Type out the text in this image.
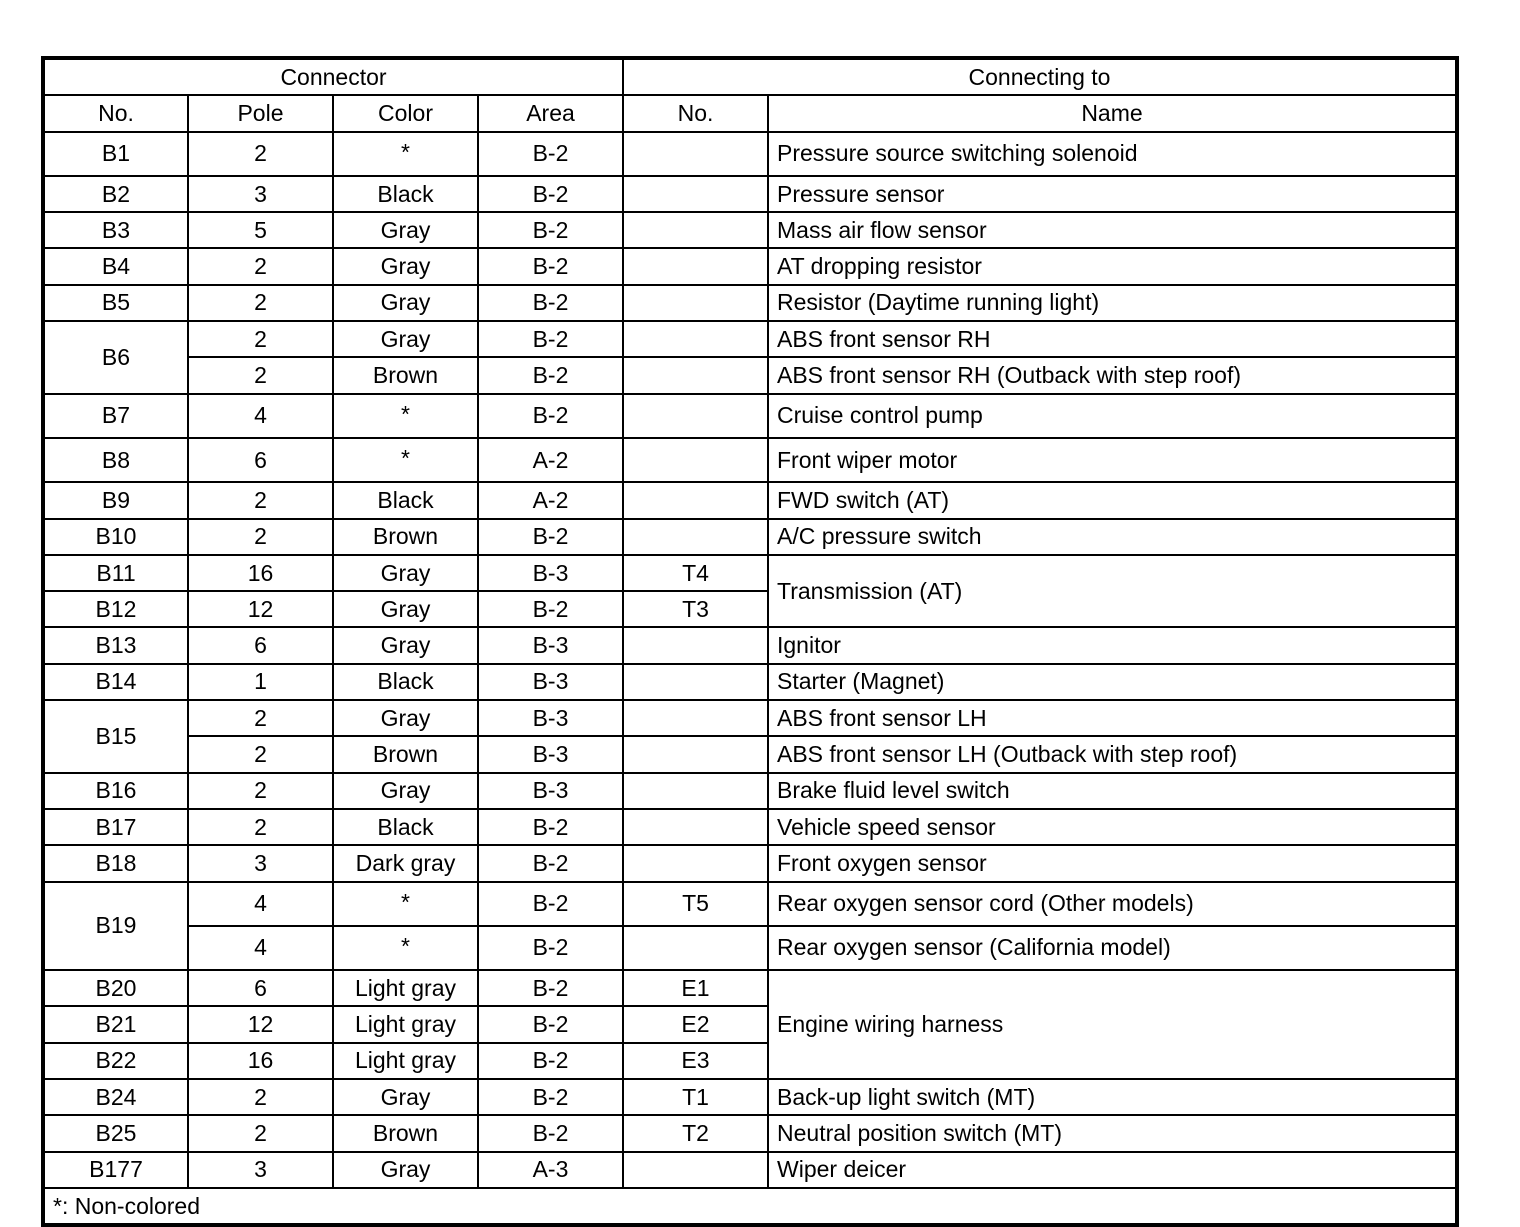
Connector				Connecting to	
No.	Pole	Color	Area	No.	Name
B1	2	*	B-2		Pressure source switching solenoid
B2	3	Black	B-2		Pressure sensor
B3	5	Gray	B-2		Mass air flow sensor
B4	2	Gray	B-2		AT dropping resistor
B5	2	Gray	B-2		Resistor (Daytime running light)
B6	2	Gray	B-2		ABS front sensor RH
	2	Brown	B-2		ABS front sensor RH (Outback with step roof)
B7	4	*	B-2		Cruise control pump
B8	6	*	A-2		Front wiper motor
B9	2	Black	A-2		FWD switch (AT)
B10	2	Brown	B-2		A/C pressure switch
B11	16	Gray	B-3	T4	Transmission (AT)
B12	12	Gray	B-2	T3	
B13	6	Gray	B-3		Ignitor
B14	1	Black	B-3		Starter (Magnet)
B15	2	Gray	B-3		ABS front sensor LH
	2	Brown	B-3		ABS front sensor LH (Outback with step roof)
B16	2	Gray	B-3		Brake fluid level switch
B17	2	Black	B-2		Vehicle speed sensor
B18	3	Dark gray	B-2		Front oxygen sensor
B19	4	*	B-2	T5	Rear oxygen sensor cord (Other models)
	4	*	B-2		Rear oxygen sensor (California model)
B20	6	Light gray	B-2	E1	Engine wiring harness
B21	12	Light gray	B-2	E2	
B22	16	Light gray	B-2	E3	
B24	2	Gray	B-2	T1	Back-up light switch (MT)
B25	2	Brown	B-2	T2	Neutral position switch (MT)
B177	3	Gray	A-3		Wiper deicer
*: Non-colored					
